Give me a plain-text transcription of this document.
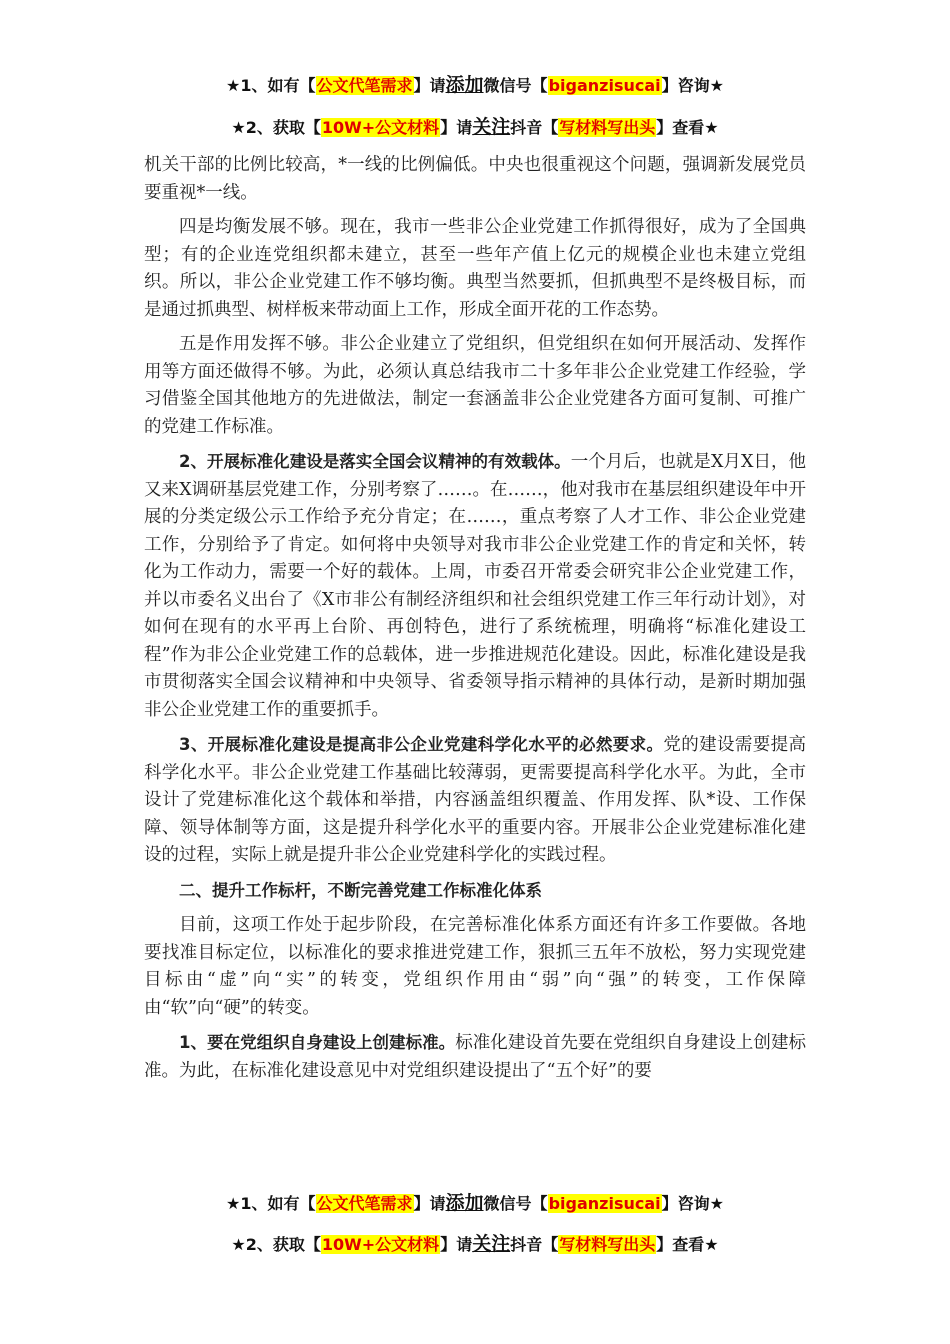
★1、如有【公文代笔需求】请添加微信号【biganzisucai】咨询★
★2、获取【10W+公文材料】请关注抖音【写材料写出头】查看★

机关干部的比例比较高，*一线的比例偏低。中央也很重视这个问题，强调新发展党员要重视*一线。

四是均衡发展不够。现在，我市一些非公企业党建工作抓得很好，成为了全国典型；有的企业连党组织都未建立，甚至一些年产值上亿元的规模企业也未建立党组织。所以，非公企业党建工作不够均衡。典型当然要抓，但抓典型不是终极目标，而是通过抓典型、树样板来带动面上工作，形成全面开花的工作态势。

五是作用发挥不够。非公企业建立了党组织，但党组织在如何开展活动、发挥作用等方面还做得不够。为此，必须认真总结我市二十多年非公企业党建工作经验，学习借鉴全国其他地方的先进做法，制定一套涵盖非公企业党建各方面可复制、可推广的党建工作标准。

2、开展标准化建设是落实全国会议精神的有效载体。一个月后，也就是X月X日，他又来X调研基层党建工作，分别考察了……。在……，他对我市在基层组织建设年中开展的分类定级公示工作给予充分肯定；在……，重点考察了人才工作、非公企业党建工作，分别给予了肯定。如何将中央领导对我市非公企业党建工作的肯定和关怀，转化为工作动力，需要一个好的载体。上周，市委召开常委会研究非公企业党建工作，并以市委名义出台了《X市非公有制经济组织和社会组织党建工作三年行动计划》，对如何在现有的水平再上台阶、再创特色，进行了系统梳理，明确将“标准化建设工程”作为非公企业党建工作的总载体，进一步推进规范化建设。因此，标准化建设是我市贯彻落实全国会议精神和中央领导、省委领导指示精神的具体行动，是新时期加强非公企业党建工作的重要抓手。

3、开展标准化建设是提高非公企业党建科学化水平的必然要求。党的建设需要提高科学化水平。非公企业党建工作基础比较薄弱，更需要提高科学化水平。为此，全市设计了党建标准化这个载体和举措，内容涵盖组织覆盖、作用发挥、队*设、工作保障、领导体制等方面，这是提升科学化水平的重要内容。开展非公企业党建标准化建设的过程，实际上就是提升非公企业党建科学化的实践过程。

二、提升工作标杆，不断完善党建工作标准化体系

目前，这项工作处于起步阶段，在完善标准化体系方面还有许多工作要做。各地要找准目标定位，以标准化的要求推进党建工作，狠抓三五年不放松，努力实现党建目标由“虚”向“实”的转变，党组织作用由“弱”向“强”的转变，工作保障由“软”向“硬”的转变。

1、要在党组织自身建设上创建标准。标准化建设首先要在党组织自身建设上创建标准。为此，在标准化建设意见中对党组织建设提出了“五个好”的要

★1、如有【公文代笔需求】请添加微信号【biganzisucai】咨询★
★2、获取【10W+公文材料】请关注抖音【写材料写出头】查看★
